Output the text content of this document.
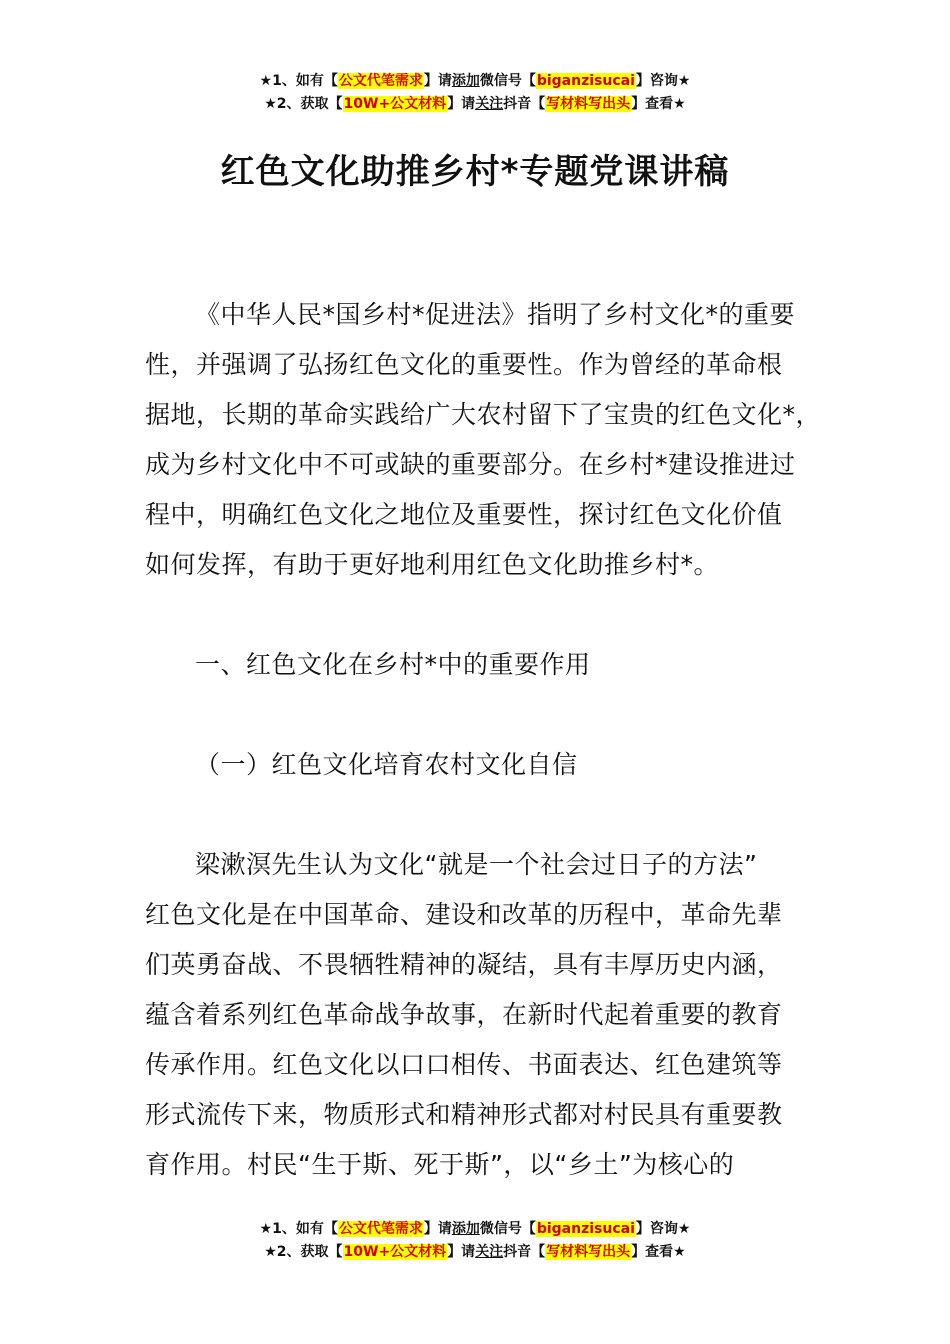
★1、如有【公文代笔需求】请添加微信号【biganzisucai】咨询★
★2、获取【10W+公文材料】请关注抖音【写材料写出头】查看★
红色文化助推乡村*专题党课讲稿
《中华人民*国乡村*促进法》指明了乡村文化*的重要
性，并强调了弘扬红色文化的重要性。作为曾经的革命根
据地，长期的革命实践给广大农村留下了宝贵的红色文化*，
成为乡村文化中不可或缺的重要部分。在乡村*建设推进过
程中，明确红色文化之地位及重要性，探讨红色文化价值
如何发挥，有助于更好地利用红色文化助推乡村*。
一、红色文化在乡村*中的重要作用
（一）红色文化培育农村文化自信
梁漱溟先生认为文化“就是一个社会过日子的方法”
红色文化是在中国革命、建设和改革的历程中，革命先辈
们英勇奋战、不畏牺牲精神的凝结，具有丰厚历史内涵，
蕴含着系列红色革命战争故事，在新时代起着重要的教育
传承作用。红色文化以口口相传、书面表达、红色建筑等
形式流传下来，物质形式和精神形式都对村民具有重要教
育作用。村民“生于斯、死于斯”，以“乡土”为核心的
★1、如有【公文代笔需求】请添加微信号【biganzisucai】咨询★
★2、获取【10W+公文材料】请关注抖音【写材料写出头】查看★
